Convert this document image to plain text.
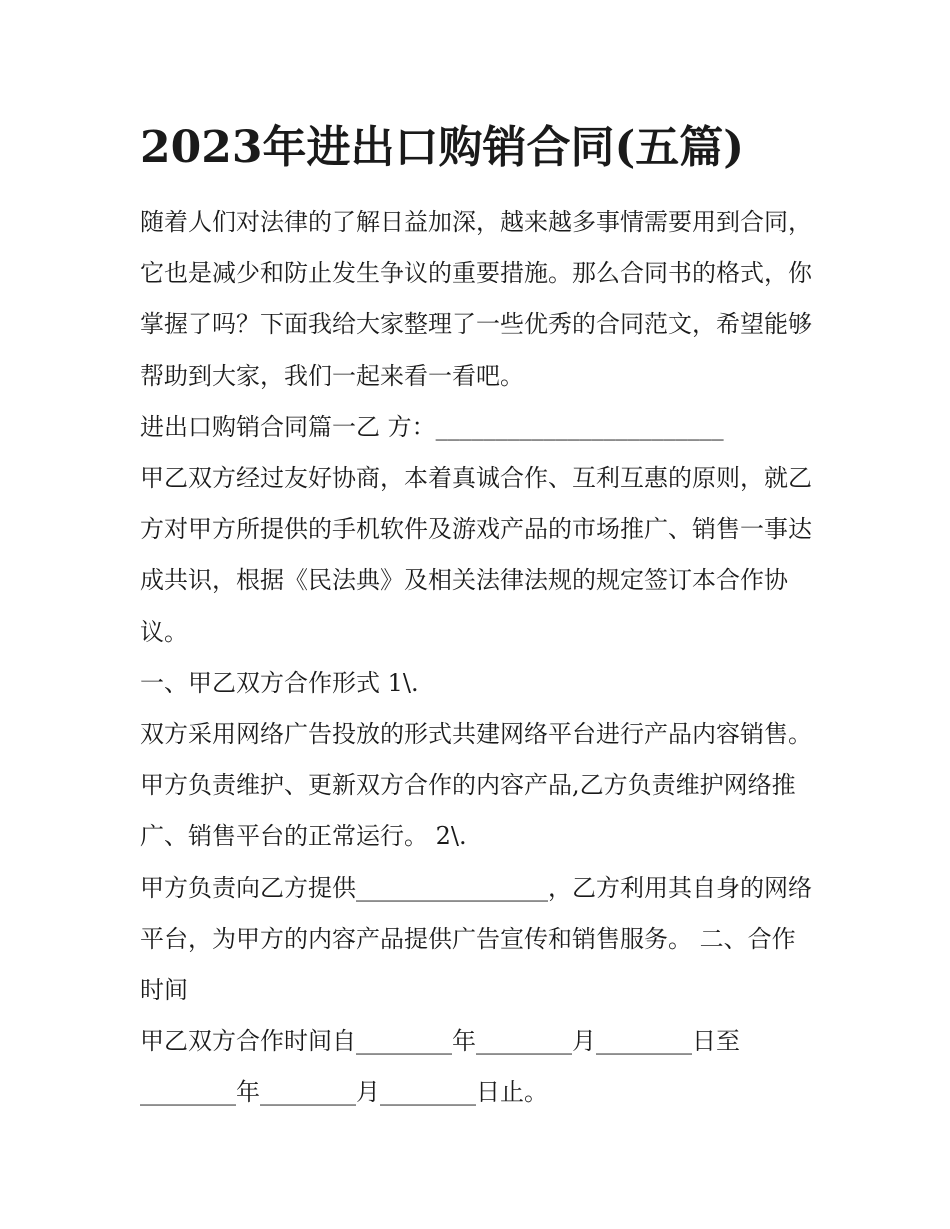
2023年进出口购销合同(五篇)

随着人们对法律的了解日益加深，越来越多事情需要用到合同，它也是减少和防止发生争议的重要措施。那么合同书的格式，你掌握了吗？下面我给大家整理了一些优秀的合同范文，希望能够帮助到大家，我们一起来看一看吧。

进出口购销合同篇一乙 方：________________________

甲乙双方经过友好协商，本着真诚合作、互利互惠的原则，就乙方对甲方所提供的手机软件及游戏产品的市场推广、销售一事达成共识，根据《民法典》及相关法律法规的规定签订本合作协议。

一、甲乙双方合作形式 1\.

双方采用网络广告投放的形式共建网络平台进行产品内容销售。甲方负责维护、更新双方合作的内容产品,乙方负责维护网络推广、销售平台的正常运行。 2\.

甲方负责向乙方提供________________，乙方利用其自身的网络平台，为甲方的内容产品提供广告宣传和销售服务。 二、合作时间

甲乙双方合作时间自________年________月________日至________年________月________日止。
